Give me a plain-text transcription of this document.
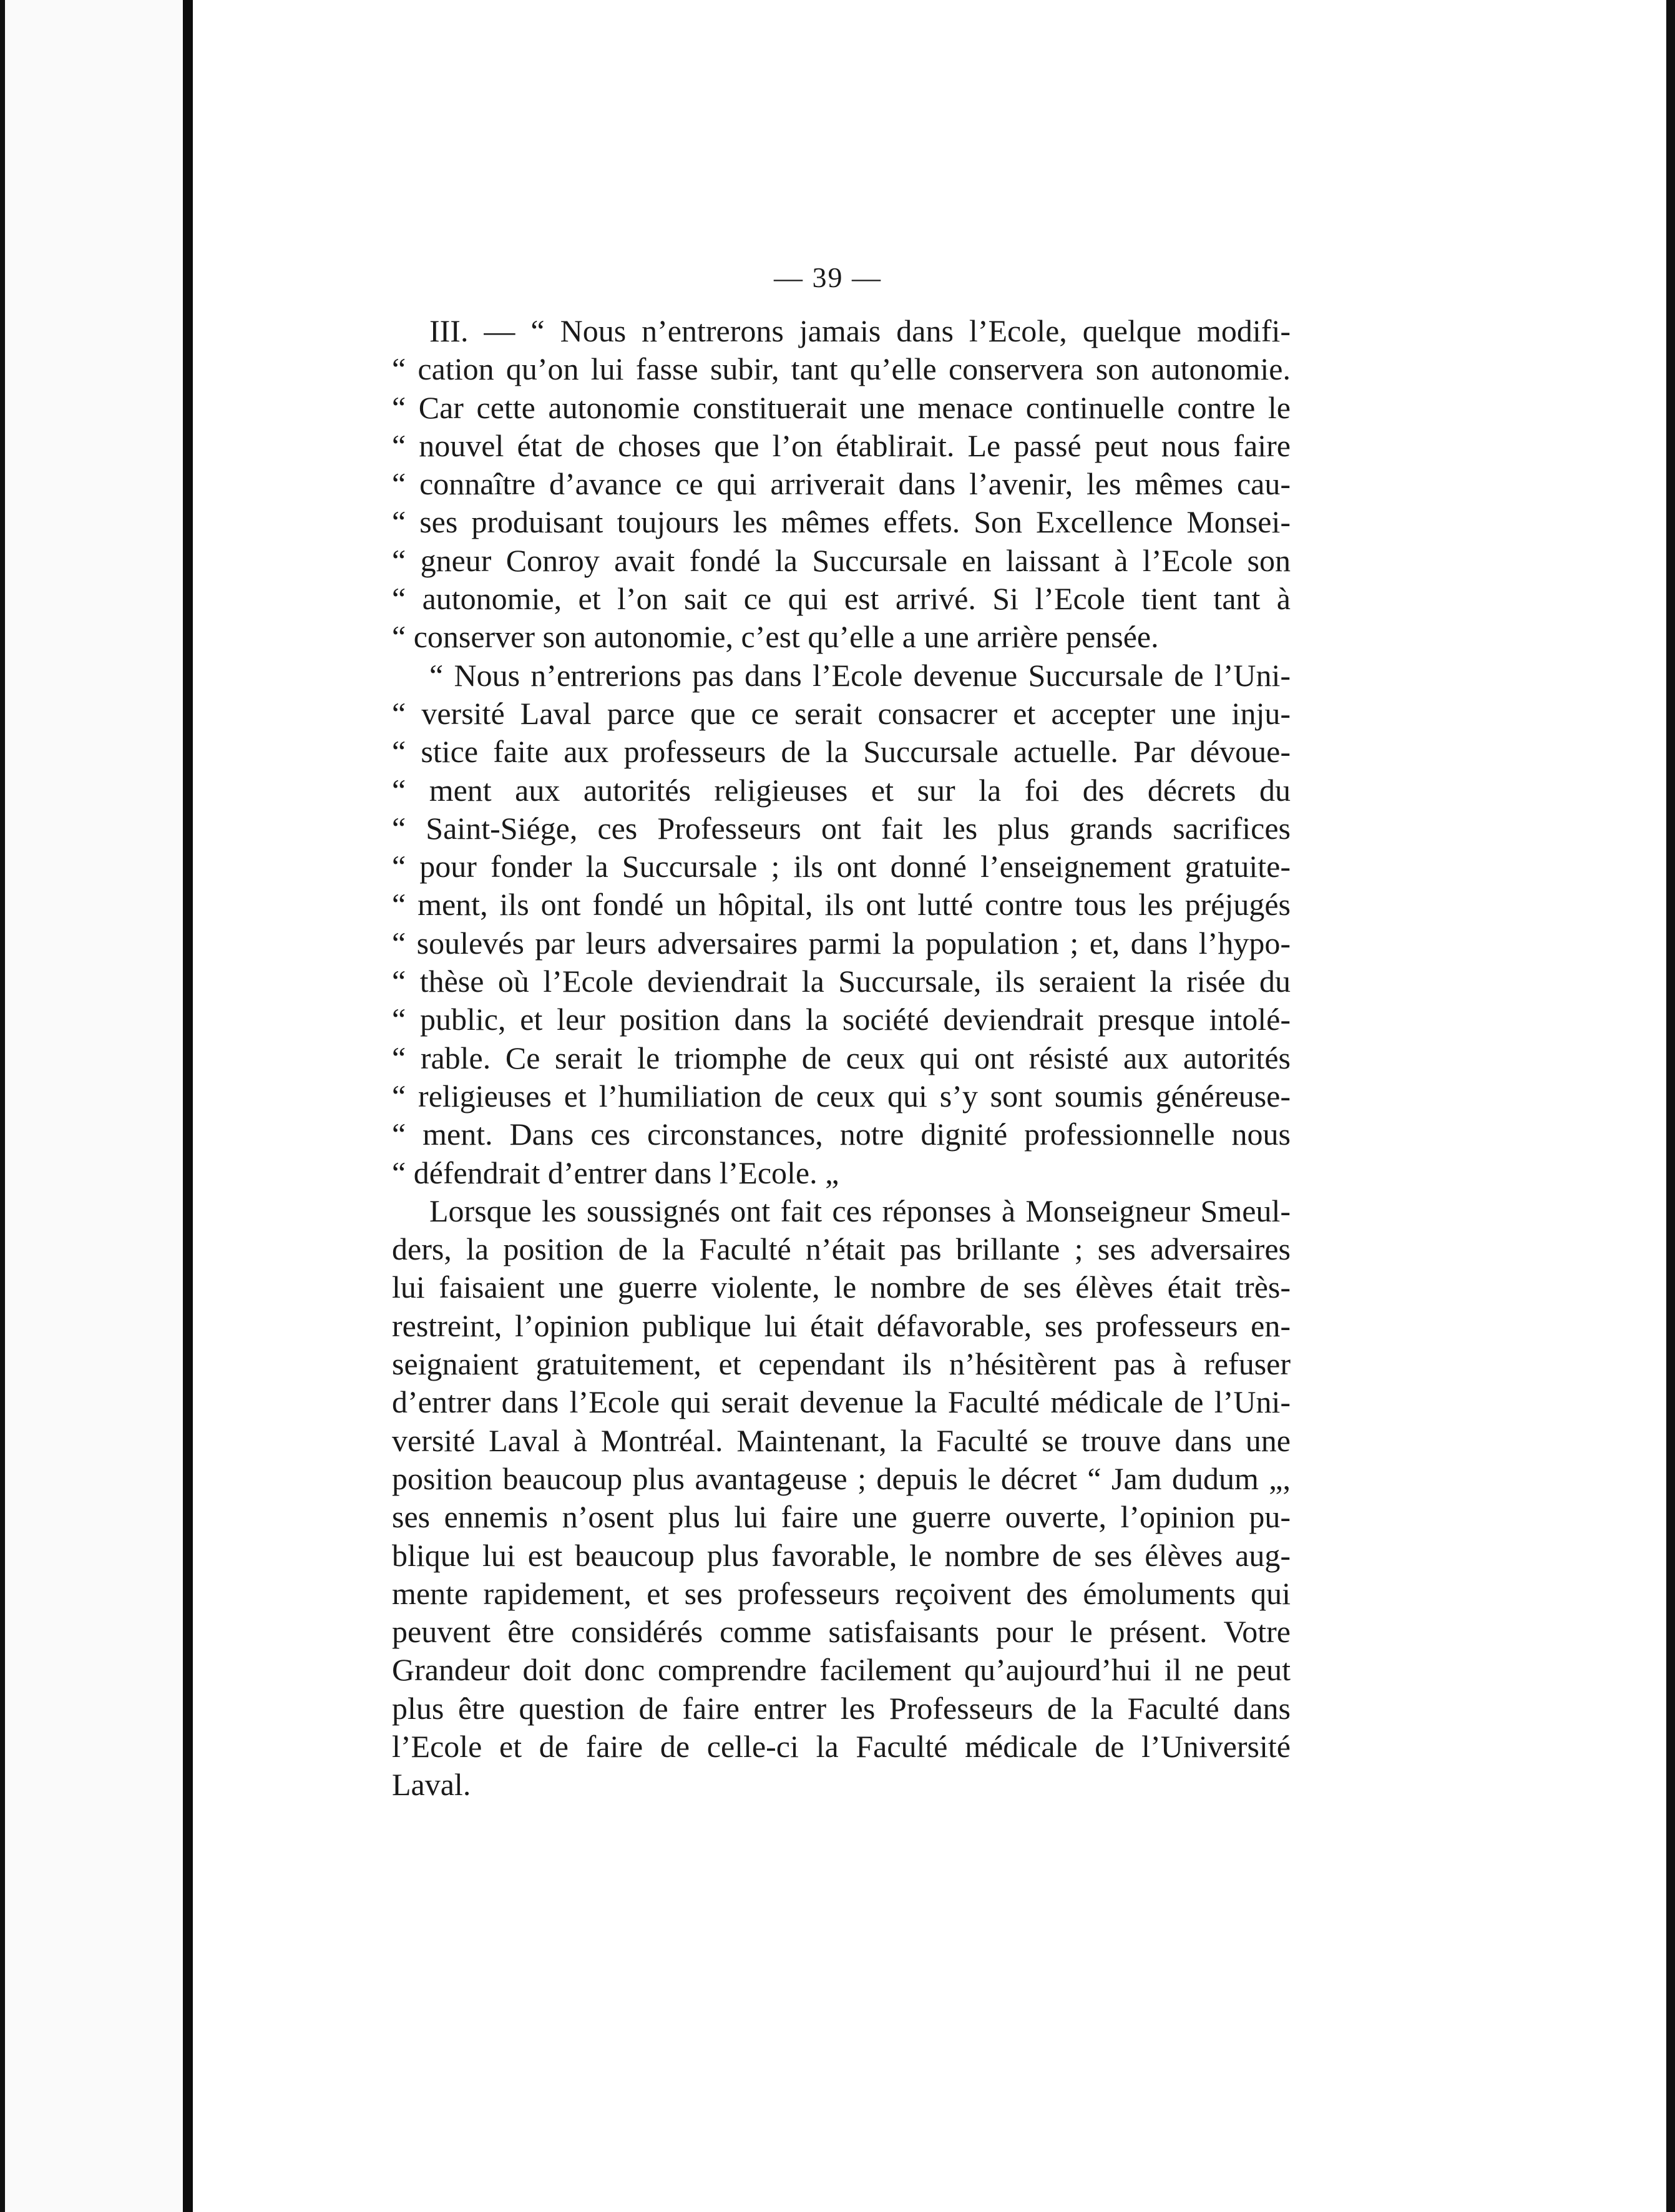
— 39 —
III. — “ Nous n’entrerons jamais dans l’Ecole, quelque modifi-
“ cation qu’on lui fasse subir, tant qu’elle conservera son autonomie.
“ Car cette autonomie constituerait une menace continuelle contre le
“ nouvel état de choses que l’on établirait. Le passé peut nous faire
“ connaître d’avance ce qui arriverait dans l’avenir, les mêmes cau-
“ ses produisant toujours les mêmes effets. Son Excellence Monsei-
“ gneur Conroy avait fondé la Succursale en laissant à l’Ecole son
“ autonomie, et l’on sait ce qui est arrivé. Si l’Ecole tient tant à
“ conserver son autonomie, c’est qu’elle a une arrière pensée.
“ Nous n’entrerions pas dans l’Ecole devenue Succursale de l’Uni-
“ versité Laval parce que ce serait consacrer et accepter une inju-
“ stice faite aux professeurs de la Succursale actuelle. Par dévoue-
“ ment aux autorités religieuses et sur la foi des décrets du
“ Saint-Siége, ces Professeurs ont fait les plus grands sacrifices
“ pour fonder la Succursale ; ils ont donné l’enseignement gratuite-
“ ment, ils ont fondé un hôpital, ils ont lutté contre tous les préjugés
“ soulevés par leurs adversaires parmi la population ; et, dans l’hypo-
“ thèse où l’Ecole deviendrait la Succursale, ils seraient la risée du
“ public, et leur position dans la société deviendrait presque intolé-
“ rable. Ce serait le triomphe de ceux qui ont résisté aux autorités
“ religieuses et l’humiliation de ceux qui s’y sont soumis généreuse-
“ ment. Dans ces circonstances, notre dignité professionnelle nous
“ défendrait d’entrer dans l’Ecole. „
Lorsque les soussignés ont fait ces réponses à Monseigneur Smeul-
ders, la position de la Faculté n’était pas brillante ; ses adversaires
lui faisaient une guerre violente, le nombre de ses élèves était très-
restreint, l’opinion publique lui était défavorable, ses professeurs en-
seignaient gratuitement, et cependant ils n’hésitèrent pas à refuser
d’entrer dans l’Ecole qui serait devenue la Faculté médicale de l’Uni-
versité Laval à Montréal. Maintenant, la Faculté se trouve dans une
position beaucoup plus avantageuse ; depuis le décret “ Jam dudum „,
ses ennemis n’osent plus lui faire une guerre ouverte, l’opinion pu-
blique lui est beaucoup plus favorable, le nombre de ses élèves aug-
mente rapidement, et ses professeurs reçoivent des émoluments qui
peuvent être considérés comme satisfaisants pour le présent. Votre
Grandeur doit donc comprendre facilement qu’aujourd’hui il ne peut
plus être question de faire entrer les Professeurs de la Faculté dans
l’Ecole et de faire de celle-ci la Faculté médicale de l’Université
Laval.
